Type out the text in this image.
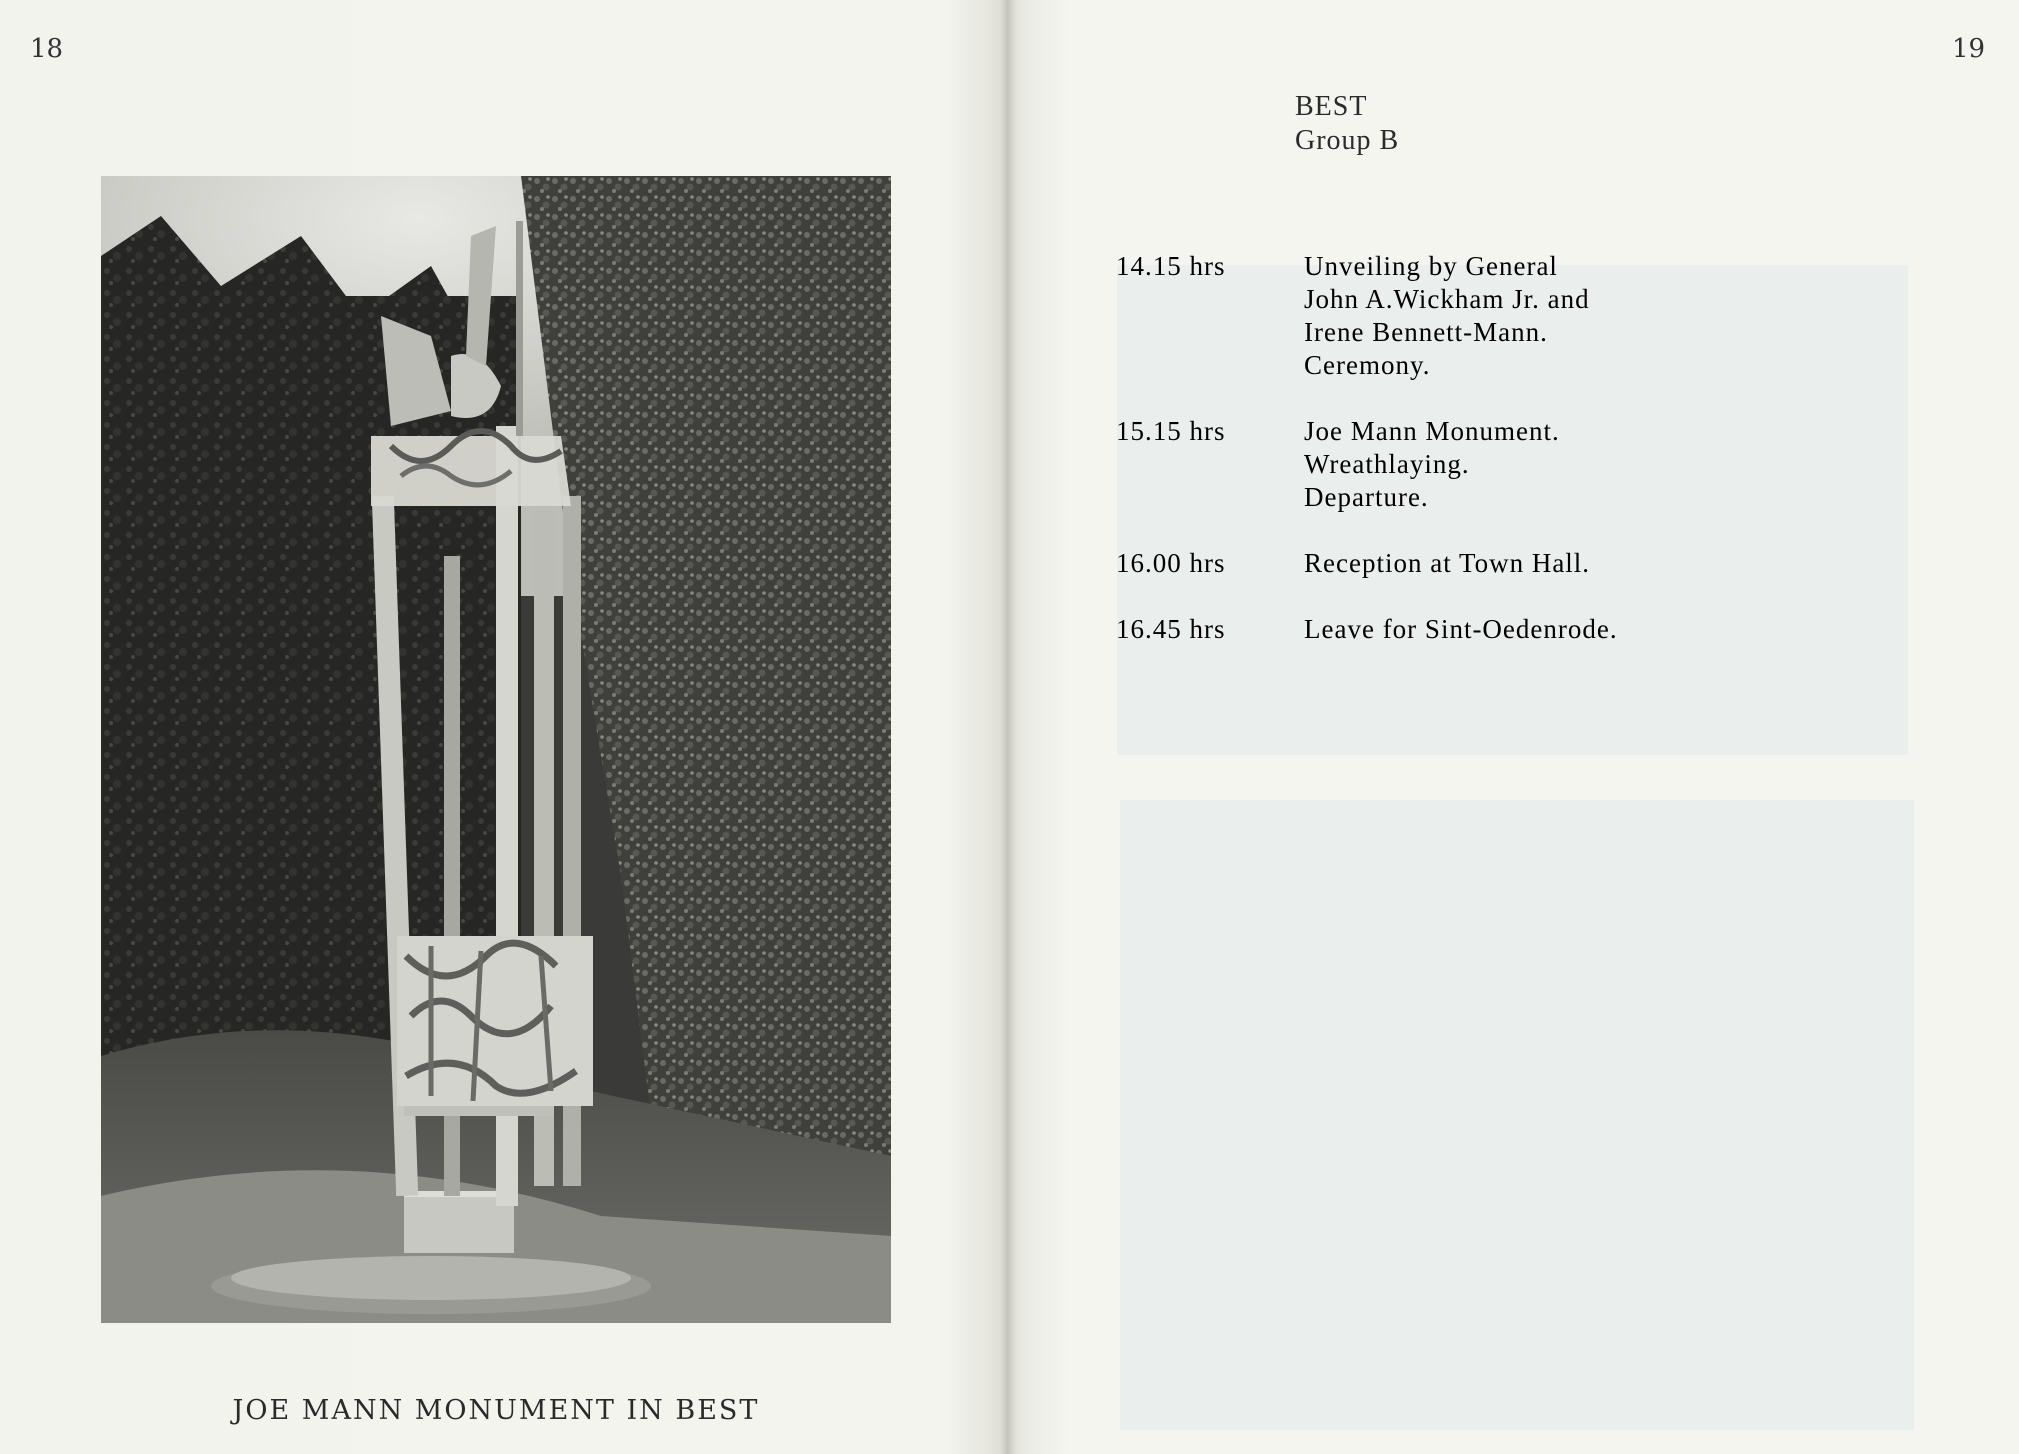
18
JOE MANN MONUMENT IN BEST
19
BEST
Group B
14.15 hrs	Unveiling by General
John A.Wickham Jr. and
Irene Bennett-Mann.
Ceremony.
15.15 hrs	Joe Mann Monument.
Wreathlaying.
Departure.
16.00 hrs	Reception at Town Hall.
16.45 hrs	Leave for Sint-Oedenrode.
